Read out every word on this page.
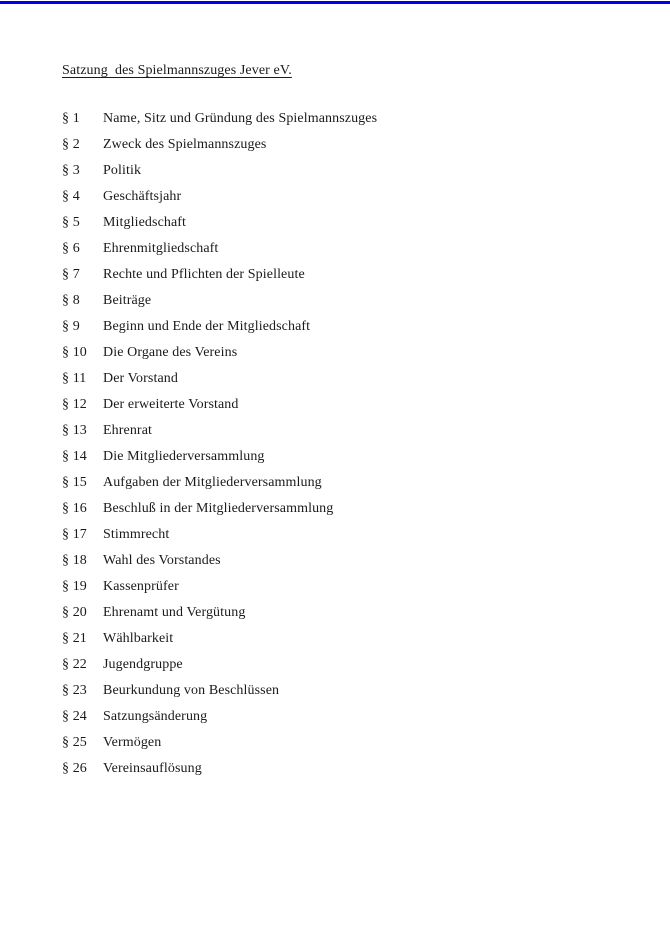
Satzung  des Spielmannszuges Jever eV.
§ 1	Name, Sitz und Gründung des Spielmannszuges
§ 2	Zweck des Spielmannszuges
§ 3	Politik
§ 4	Geschäftsjahr
§ 5	Mitgliedschaft
§ 6	Ehrenmitgliedschaft
§ 7	Rechte und Pflichten der Spielleute
§ 8	Beiträge
§ 9	Beginn und Ende der Mitgliedschaft
§ 10	Die Organe des Vereins
§ 11	Der Vorstand
§ 12	Der erweiterte Vorstand
§ 13	Ehrenrat
§ 14	Die Mitgliederversammlung
§ 15	Aufgaben der Mitgliederversammlung
§ 16	Beschluß in der Mitgliederversammlung
§ 17	Stimmrecht
§ 18	Wahl des Vorstandes
§ 19	Kassenprüfer
§ 20	Ehrenamt und Vergütung
§ 21	Wählbarkeit
§ 22	Jugendgruppe
§ 23	Beurkundung von Beschlüssen
§ 24	Satzungsänderung
§ 25	Vermögen
§ 26	Vereinsauflösung
